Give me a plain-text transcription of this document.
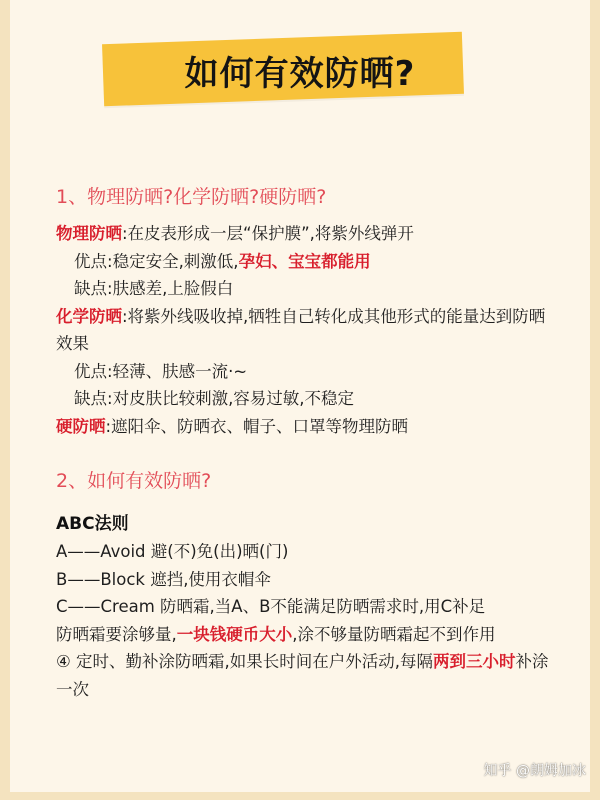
如何有效防晒?
1、物理防晒?化学防晒?硬防晒?
物理防晒:在皮表形成一层“保护膜”,将紫外线弹开
优点:稳定安全,刺激低,孕妇、宝宝都能用
缺点:肤感差,上脸假白
化学防晒:将紫外线吸收掉,牺牲自己转化成其他形式的能量达到防晒效果
优点:轻薄、肤感一流·~
缺点:对皮肤比较刺激,容易过敏,不稳定
硬防晒:遮阳伞、防晒衣、帽子、口罩等物理防晒
2、如何有效防晒?
ABC法则
A——Avoid 避(不)免(出)晒(门)
B——Block 遮挡,使用衣帽伞
C——Cream 防晒霜,当A、B不能满足防晒需求时,用C补足
防晒霜要涂够量,一块钱硬币大小,涂不够量防晒霜起不到作用
④ 定时、勤补涂防晒霜,如果长时间在户外活动,每隔两到三小时补涂一次
知乎 @朗姆加冰
